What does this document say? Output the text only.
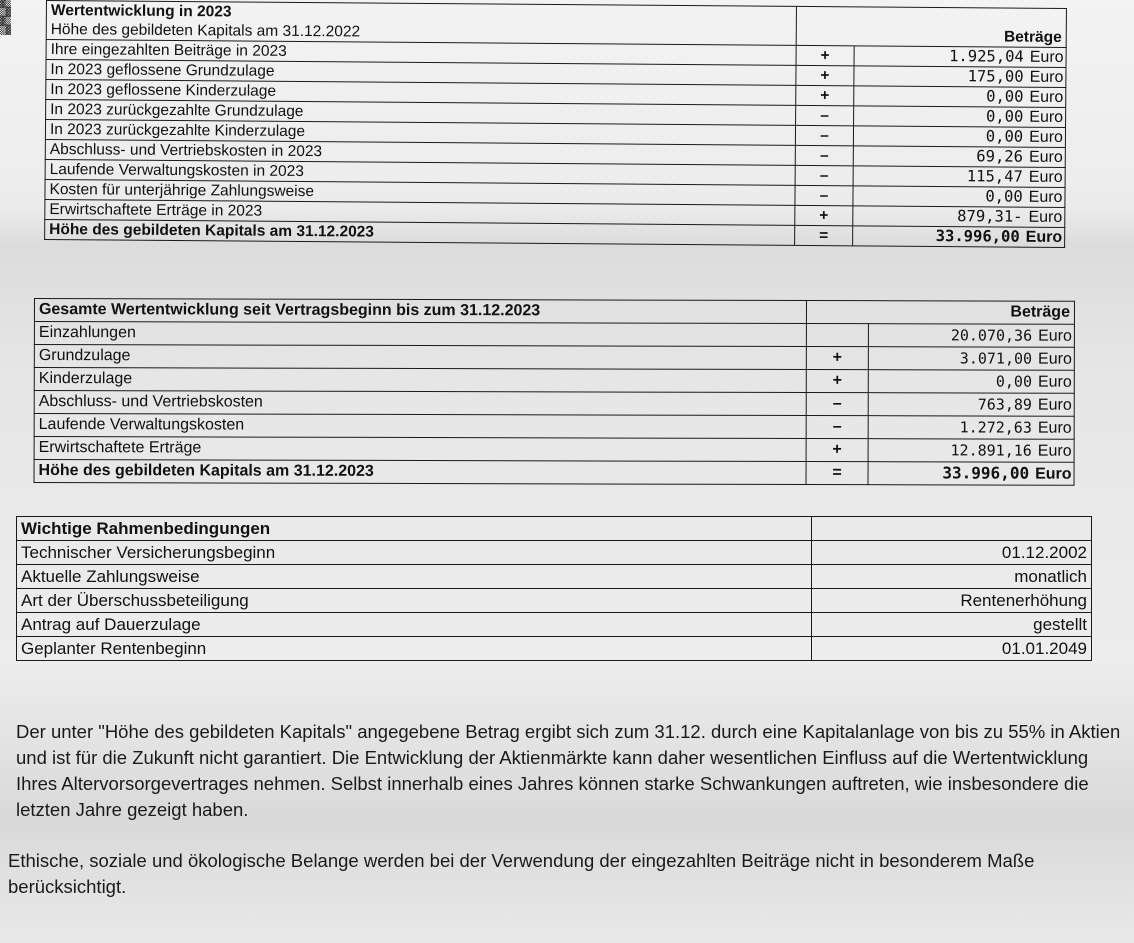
▓▒
▒▓
▓▒
▒▓
Wertentwicklung in 2023		
Höhe des gebildeten Kapitals am 31.12.2022	Beträge	
Ihre eingezahlten Beiträge in 2023	+	1.925,04 Euro
In 2023 geflossene Grundzulage	+	175,00 Euro
In 2023 geflossene Kinderzulage	+	0,00 Euro
In 2023 zurückgezahlte Grundzulage	–	0,00 Euro
In 2023 zurückgezahlte Kinderzulage	–	0,00 Euro
Abschluss- und Vertriebskosten in 2023	–	69,26 Euro
Laufende Verwaltungskosten in 2023	–	115,47 Euro
Kosten für unterjährige Zahlungsweise	–	0,00 Euro
Erwirtschaftete Erträge in 2023	+	879,31- Euro
Höhe des gebildeten Kapitals am 31.12.2023	=	33.996,00 Euro
Gesamte Wertentwicklung seit Vertragsbeginn bis zum 31.12.2023	Beträge	
Einzahlungen		20.070,36 Euro
Grundzulage	+	3.071,00 Euro
Kinderzulage	+	0,00 Euro
Abschluss- und Vertriebskosten	–	763,89 Euro
Laufende Verwaltungskosten	–	1.272,63 Euro
Erwirtschaftete Erträge	+	12.891,16 Euro
Höhe des gebildeten Kapitals am 31.12.2023	=	33.996,00 Euro
Wichtige Rahmenbedingungen	
Technischer Versicherungsbeginn	01.12.2002
Aktuelle Zahlungsweise	monatlich
Art der Überschussbeteiligung	Rentenerhöhung
Antrag auf Dauerzulage	gestellt
Geplanter Rentenbeginn	01.01.2049

Der unter "Höhe des gebildeten Kapitals" angegebene Betrag ergibt sich zum 31.12. durch eine Kapitalanlage von bis zu 55% in Aktien und ist für die Zukunft nicht garantiert. Die Entwicklung der Aktienmärkte kann daher wesentlichen Einfluss auf die Wertentwicklung Ihres Altervorsorgevertrages nehmen. Selbst innerhalb eines Jahres können starke Schwankungen auftreten, wie insbesondere die letzten Jahre gezeigt haben.

Ethische, soziale und ökologische Belange werden bei der Verwendung der eingezahlten Beiträge nicht in besonderem Maße berücksichtigt.
